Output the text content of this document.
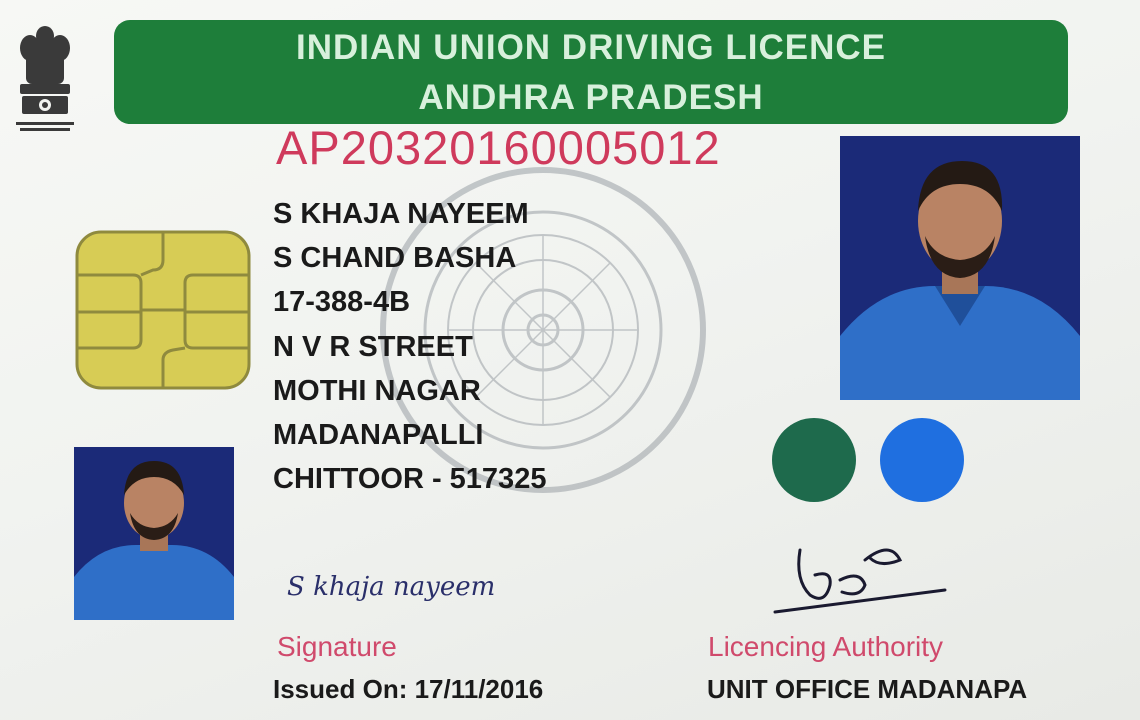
INDIAN UNION DRIVING LICENCE
ANDHRA PRADESH
AP20320160005012
S KHAJA NAYEEM
S CHAND BASHA
17-388-4B
N V R STREET
MOTHI NAGAR
MADANAPALLI
CHITTOOR - 517325
S khaja nayeem
Signature	Licencing Authority
Issued On: 17/11/2016	UNIT OFFICE MADANAPA
